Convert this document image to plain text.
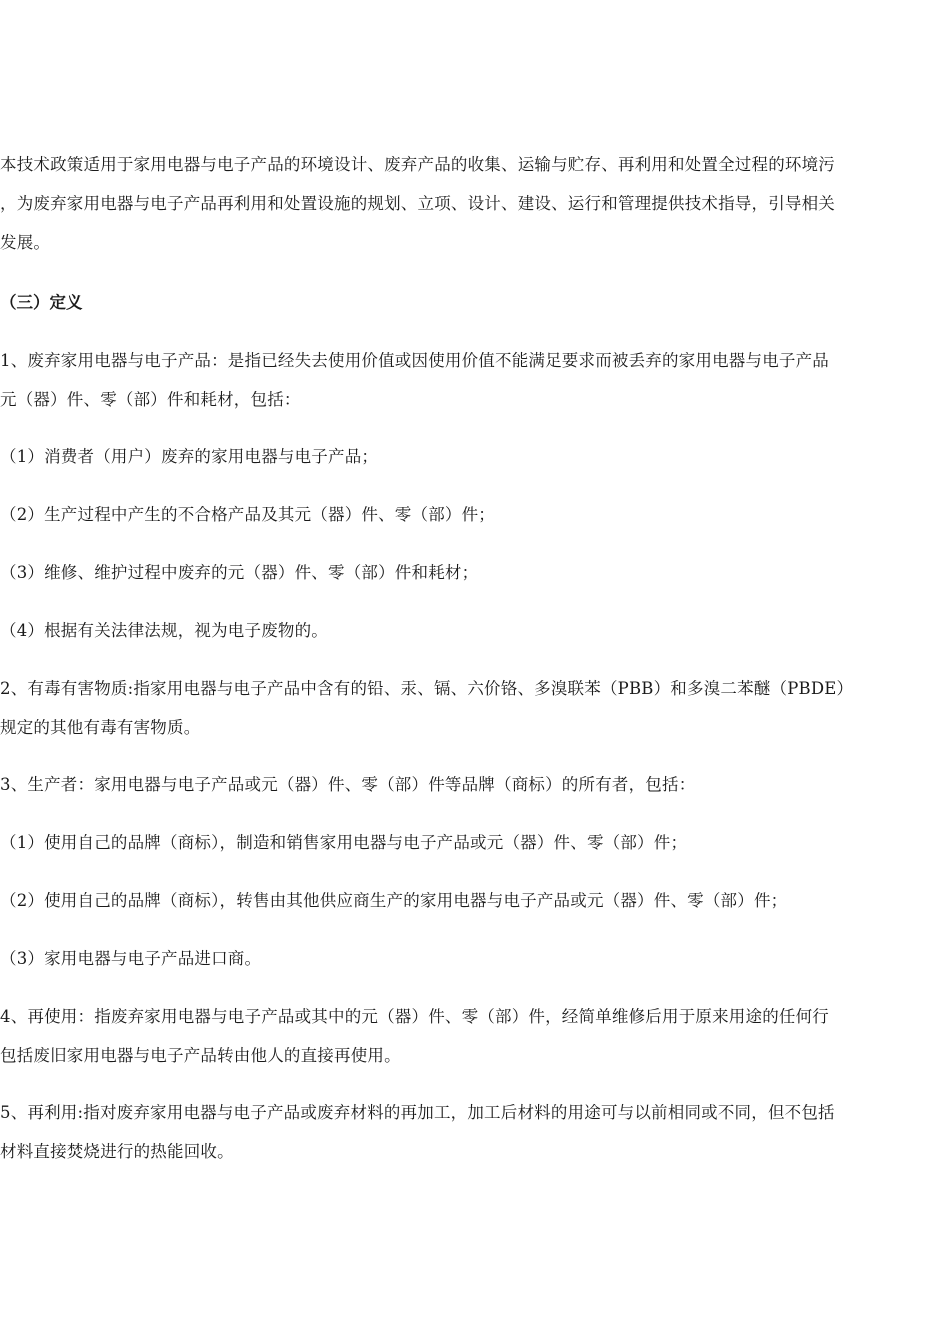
本技术政策适用于家用电器与电子产品的环境设计、废弃产品的收集、运输与贮存、再利用和处置全过程的环境污
，为废弃家用电器与电子产品再利用和处置设施的规划、立项、设计、建设、运行和管理提供技术指导，引导相关
发展。
（三）定义
1、废弃家用电器与电子产品：是指已经失去使用价值或因使用价值不能满足要求而被丢弃的家用电器与电子产品
元（器）件、零（部）件和耗材，包括：
（1）消费者（用户）废弃的家用电器与电子产品；
（2）生产过程中产生的不合格产品及其元（器）件、零（部）件；
（3）维修、维护过程中废弃的元（器）件、零（部）件和耗材；
（4）根据有关法律法规，视为电子废物的。
2、有毒有害物质:指家用电器与电子产品中含有的铅、汞、镉、六价铬、多溴联苯（PBB）和多溴二苯醚（PBDE）
规定的其他有毒有害物质。
3、生产者：家用电器与电子产品或元（器）件、零（部）件等品牌（商标）的所有者，包括：
（1）使用自己的品牌（商标），制造和销售家用电器与电子产品或元（器）件、零（部）件；
（2）使用自己的品牌（商标），转售由其他供应商生产的家用电器与电子产品或元（器）件、零（部）件；
（3）家用电器与电子产品进口商。
4、再使用：指废弃家用电器与电子产品或其中的元（器）件、零（部）件，经简单维修后用于原来用途的任何行
包括废旧家用电器与电子产品转由他人的直接再使用。
5、再利用:指对废弃家用电器与电子产品或废弃材料的再加工，加工后材料的用途可与以前相同或不同，但不包括
材料直接焚烧进行的热能回收。
